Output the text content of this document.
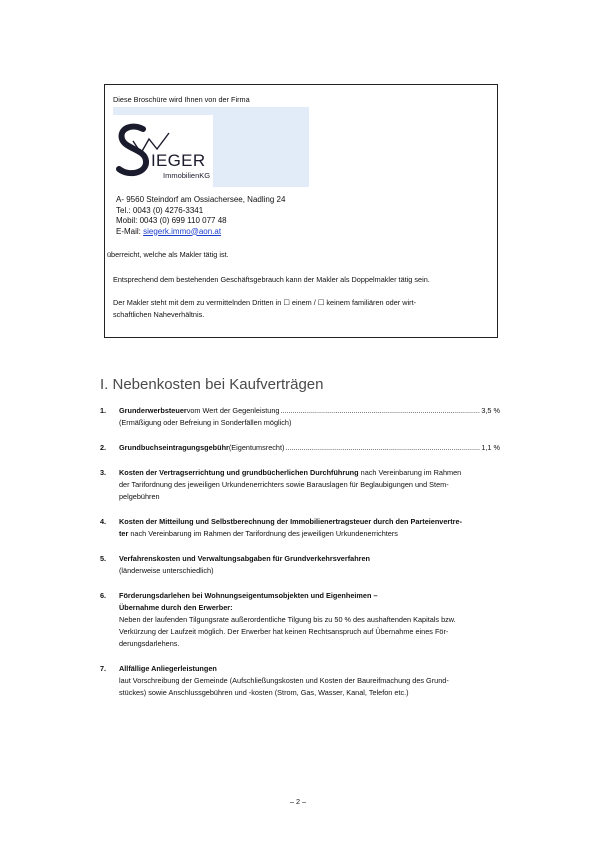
Diese Broschüre wird Ihnen von der Firma
IEGER
ImmobilienKG
A- 9560 Steindorf am Ossiachersee, Nadling 24
Tel.: 0043 (0) 4276-3341
Mobil: 0043 (0) 699 110 077 48
E-Mail: siegerk.immo@aon.at
überreicht, welche als Makler tätig ist.
Entsprechend dem bestehenden Geschäftsgebrauch kann der Makler als Doppelmakler tätig sein.
Der Makler steht mit dem zu vermittelnden Dritten in ☐ einem / ☐ keinem familiären oder wirt-
schaftlichen Naheverhältnis.
I. Nebenkosten bei Kaufverträgen
1. Grunderwerbsteuer vom Wert der Gegenleistung .....	3,5 %
(Ermäßigung oder Befreiung in Sonderfällen möglich)
2. Grundbuchseintragungsgebühr (Eigentumsrecht) .....	1,1 %
3. Kosten der Vertragserrichtung und grundbücherlichen Durchführung nach Vereinbarung im Rahmen
der Tarifordnung des jeweiligen Urkundenerrichters sowie Barauslagen für Beglaubigungen und Stem-
pelgebühren
4. Kosten der Mitteilung und Selbstberechnung der Immobilienertragsteuer durch den Parteienvertre-
ter nach Vereinbarung im Rahmen der Tarifordnung des jeweiligen Urkundenerrichters
5. Verfahrenskosten und Verwaltungsabgaben für Grundverkehrsverfahren
(länderweise unterschiedlich)
6. Förderungsdarlehen bei Wohnungseigentumsobjekten und Eigenheimen –
Übernahme durch den Erwerber:
Neben der laufenden Tilgungsrate außerordentliche Tilgung bis zu 50 % des aushaftenden Kapitals bzw.
Verkürzung der Laufzeit möglich. Der Erwerber hat keinen Rechtsanspruch auf Übernahme eines För-
derungsdarlehens.
7. Allfällige Anliegerleistungen
laut Vorschreibung der Gemeinde (Aufschließungskosten und Kosten der Baureifmachung des Grund-
stückes) sowie Anschlussgebühren und -kosten (Strom, Gas, Wasser, Kanal, Telefon etc.)
– 2 –
